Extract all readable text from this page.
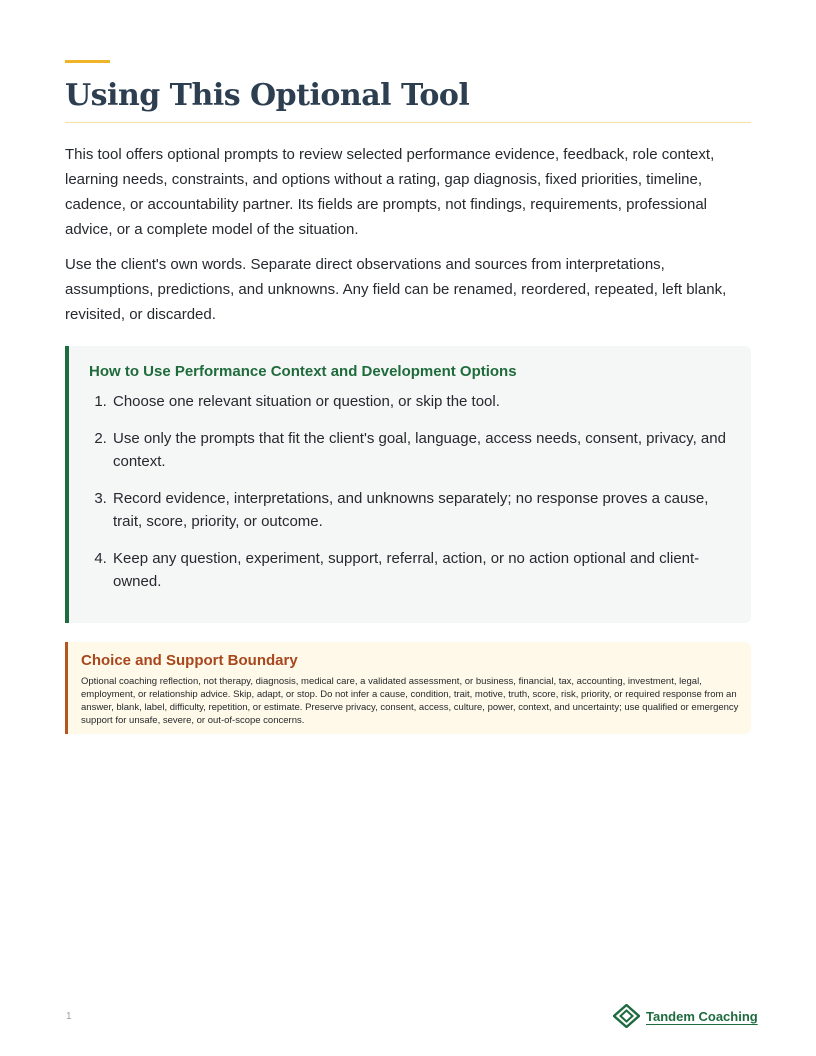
Using This Optional Tool

This tool offers optional prompts to review selected performance evidence, feedback, role context, learning needs, constraints, and options without a rating, gap diagnosis, fixed priorities, timeline, cadence, or accountability partner. Its fields are prompts, not findings, requirements, professional advice, or a complete model of the situation.

Use the client's own words. Separate direct observations and sources from interpretations, assumptions, predictions, and unknowns. Any field can be renamed, reordered, repeated, left blank, revisited, or discarded.

How to Use Performance Context and Development Options
1. Choose one relevant situation or question, or skip the tool.
2. Use only the prompts that fit the client's goal, language, access needs, consent, privacy, and context.
3. Record evidence, interpretations, and unknowns separately; no response proves a cause, trait, score, priority, or outcome.
4. Keep any question, experiment, support, referral, action, or no action optional and client-owned.
Choice and Support Boundary

Optional coaching reflection, not therapy, diagnosis, medical care, a validated assessment, or business, financial, tax, accounting, investment, legal, employment, or relationship advice. Skip, adapt, or stop. Do not infer a cause, condition, trait, motive, truth, score, risk, priority, or required response from an answer, blank, label, difficulty, repetition, or estimate. Preserve privacy, consent, access, culture, power, context, and uncertainty; use qualified or emergency support for unsafe, severe, or out-of-scope concerns.

1	Tandem Coaching
